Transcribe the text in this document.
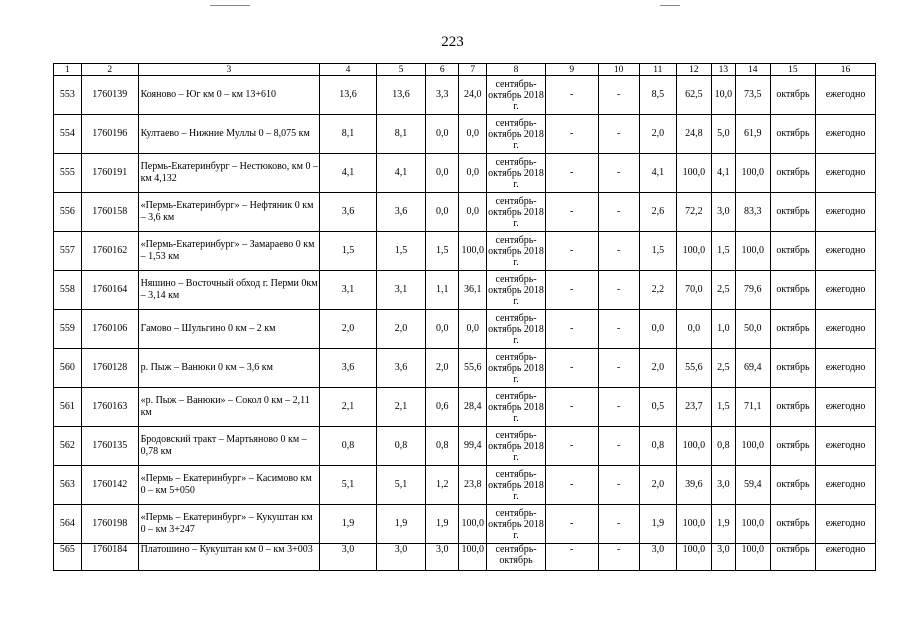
223
1	2	3	4	5	6	7	8	9	10	11	12	13	14	15	16
553	1760139	Кояново – Юг км 0 – км 13+610	13,6	13,6	3,3	24,0	сентябрь-октябрь 2018 г.	-	-	8,5	62,5	10,0	73,5	октябрь	ежегодно
554	1760196	Култаево – Нижние Муллы 0 – 8,075 км	8,1	8,1	0,0	0,0	сентябрь-октябрь 2018 г.	-	-	2,0	24,8	5,0	61,9	октябрь	ежегодно
555	1760191	Пермь-Екатеринбург – Нестюково, км 0 – км 4,132	4,1	4,1	0,0	0,0	сентябрь-октябрь 2018 г.	-	-	4,1	100,0	4,1	100,0	октябрь	ежегодно
556	1760158	«Пермь-Екатеринбург» – Нефтяник 0 км – 3,6 км	3,6	3,6	0,0	0,0	сентябрь-октябрь 2018 г.	-	-	2,6	72,2	3,0	83,3	октябрь	ежегодно
557	1760162	«Пермь-Екатеринбург» – Замараево 0 км – 1,53 км	1,5	1,5	1,5	100,0	сентябрь-октябрь 2018 г.	-	-	1,5	100,0	1,5	100,0	октябрь	ежегодно
558	1760164	Няшино – Восточный обход г. Перми 0км – 3,14 км	3,1	3,1	1,1	36,1	сентябрь-октябрь 2018 г.	-	-	2,2	70,0	2,5	79,6	октябрь	ежегодно
559	1760106	Гамово – Шульгино 0 км – 2 км	2,0	2,0	0,0	0,0	сентябрь-октябрь 2018 г.	-	-	0,0	0,0	1,0	50,0	октябрь	ежегодно
560	1760128	р. Пыж – Ванюки 0 км – 3,6 км	3,6	3,6	2,0	55,6	сентябрь-октябрь 2018 г.	-	-	2,0	55,6	2,5	69,4	октябрь	ежегодно
561	1760163	«р. Пыж – Ванюки» – Сокол 0 км – 2,11 км	2,1	2,1	0,6	28,4	сентябрь-октябрь 2018 г.	-	-	0,5	23,7	1,5	71,1	октябрь	ежегодно
562	1760135	Бродовский тракт – Мартьяново 0 км – 0,78 км	0,8	0,8	0,8	99,4	сентябрь-октябрь 2018 г.	-	-	0,8	100,0	0,8	100,0	октябрь	ежегодно
563	1760142	«Пермь – Екатеринбург» – Касимово км 0 – км 5+050	5,1	5,1	1,2	23,8	сентябрь-октябрь 2018 г.	-	-	2,0	39,6	3,0	59,4	октябрь	ежегодно
564	1760198	«Пермь – Екатеринбург» – Кукуштан км 0 – км 3+247	1,9	1,9	1,9	100,0	сентябрь-октябрь 2018 г.	-	-	1,9	100,0	1,9	100,0	октябрь	ежегодно
565	1760184	Платошино – Кукуштан км 0 – км 3+003	3,0	3,0	3,0	100,0	сентябрь-октябрь	-	-	3,0	100,0	3,0	100,0	октябрь	ежегодно
